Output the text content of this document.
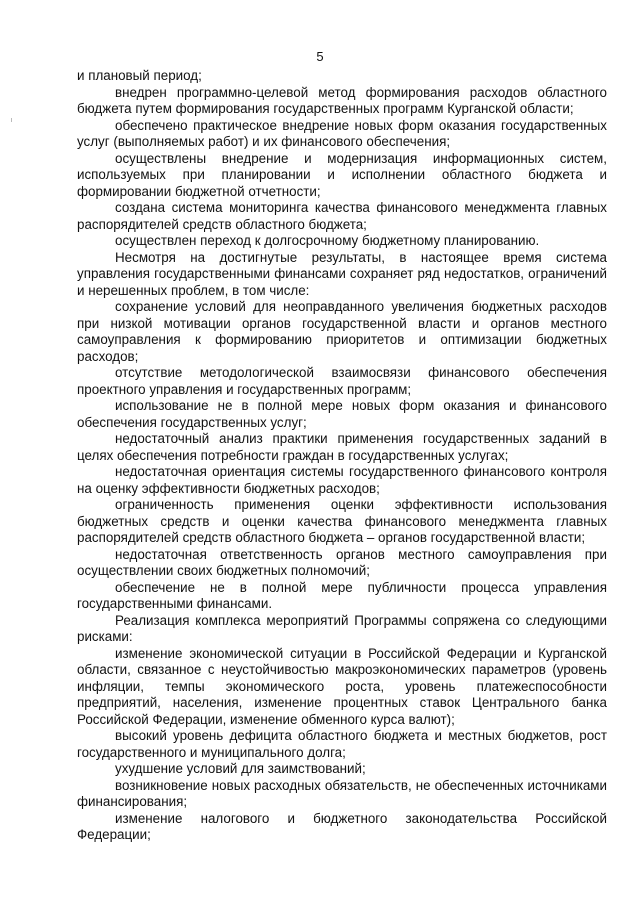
5

и плановый период;

внедрен программно-целевой метод формирования расходов областного бюджета путем формирования государственных программ Курганской области;

обеспечено практическое внедрение новых форм оказания государственных услуг (выполняемых работ) и их финансового обеспечения;

осуществлены внедрение и модернизация информационных систем, используемых при планировании и исполнении областного бюджета и формировании бюджетной отчетности;

создана система мониторинга качества финансового менеджмента главных распорядителей средств областного бюджета;

осуществлен переход к долгосрочному бюджетному планированию.

Несмотря на достигнутые результаты, в настоящее время система управления государственными финансами сохраняет ряд недостатков, ограничений и нерешенных проблем, в том числе:

сохранение условий для неоправданного увеличения бюджетных расходов при низкой мотивации органов государственной власти и органов местного самоуправления к формированию приоритетов и оптимизации бюджетных расходов;

отсутствие методологической взаимосвязи финансового обеспечения проектного управления и государственных программ;

использование не в полной мере новых форм оказания и финансового обеспечения государственных услуг;

недостаточный анализ практики применения государственных заданий в целях обеспечения потребности граждан в государственных услугах;

недостаточная ориентация системы государственного финансового контроля на оценку эффективности бюджетных расходов;

ограниченность применения оценки эффективности использования бюджетных средств и оценки качества финансового менеджмента главных распорядителей средств областного бюджета – органов государственной власти;

недостаточная ответственность органов местного самоуправления при осуществлении своих бюджетных полномочий;

обеспечение не в полной мере публичности процесса управления государственными финансами.

Реализация комплекса мероприятий Программы сопряжена со следующими рисками:

изменение экономической ситуации в Российской Федерации и Курганской области, связанное с неустойчивостью макроэкономических параметров (уровень инфляции, темпы экономического роста, уровень платежеспособности предприятий, населения, изменение процентных ставок Центрального банка Российской Федерации, изменение обменного курса валют);

высокий уровень дефицита областного бюджета и местных бюджетов, рост государственного и муниципального долга;

ухудшение условий для заимствований;

возникновение новых расходных обязательств, не обеспеченных источниками финансирования;

изменение налогового и бюджетного законодательства Российской Федерации;
